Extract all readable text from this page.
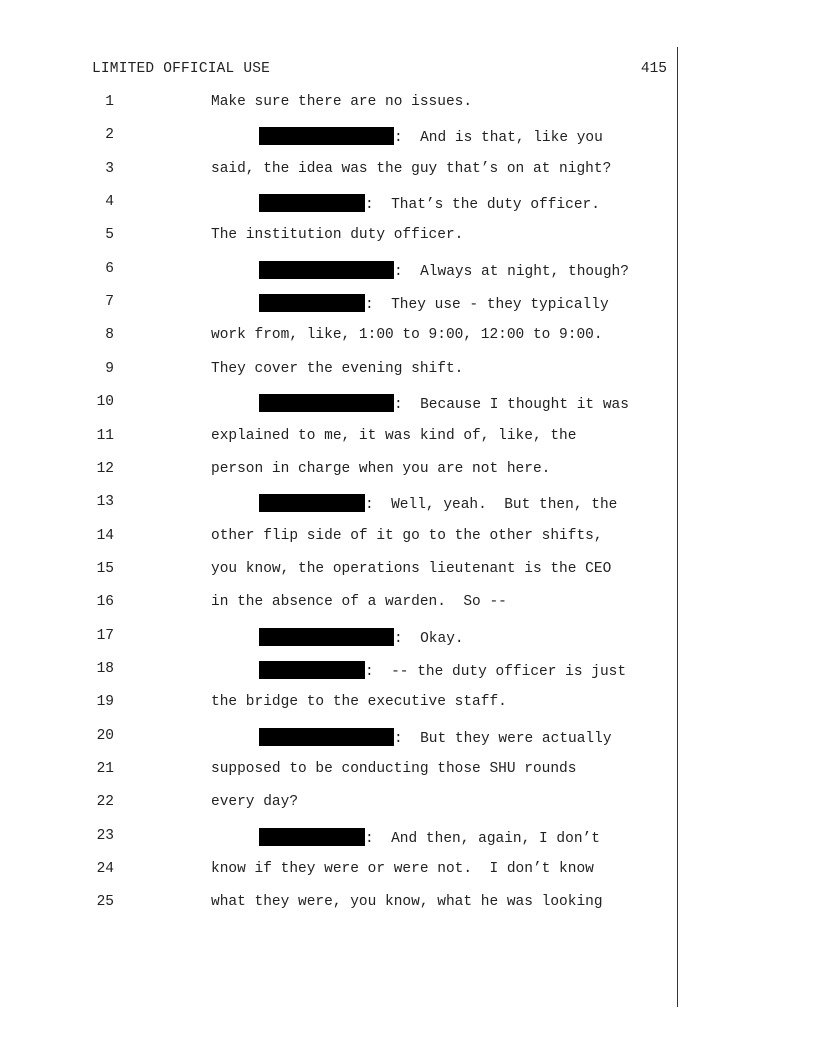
LIMITED OFFICIAL USE	415
1	Make sure there are no issues.
2	:  And is that, like you
3	said, the idea was the guy that’s on at night?
4	:  That’s the duty officer.
5	The institution duty officer.
6	:  Always at night, though?
7	:  They use - they typically
8	work from, like, 1:00 to 9:00, 12:00 to 9:00.
9	They cover the evening shift.
10	:  Because I thought it was
11	explained to me, it was kind of, like, the
12	person in charge when you are not here.
13	:  Well, yeah.  But then, the
14	other flip side of it go to the other shifts,
15	you know, the operations lieutenant is the CEO
16	in the absence of a warden.  So --
17	:  Okay.
18	:  -- the duty officer is just
19	the bridge to the executive staff.
20	:  But they were actually
21	supposed to be conducting those SHU rounds
22	every day?
23	:  And then, again, I don’t
24	know if they were or were not.  I don’t know
25	what they were, you know, what he was looking
